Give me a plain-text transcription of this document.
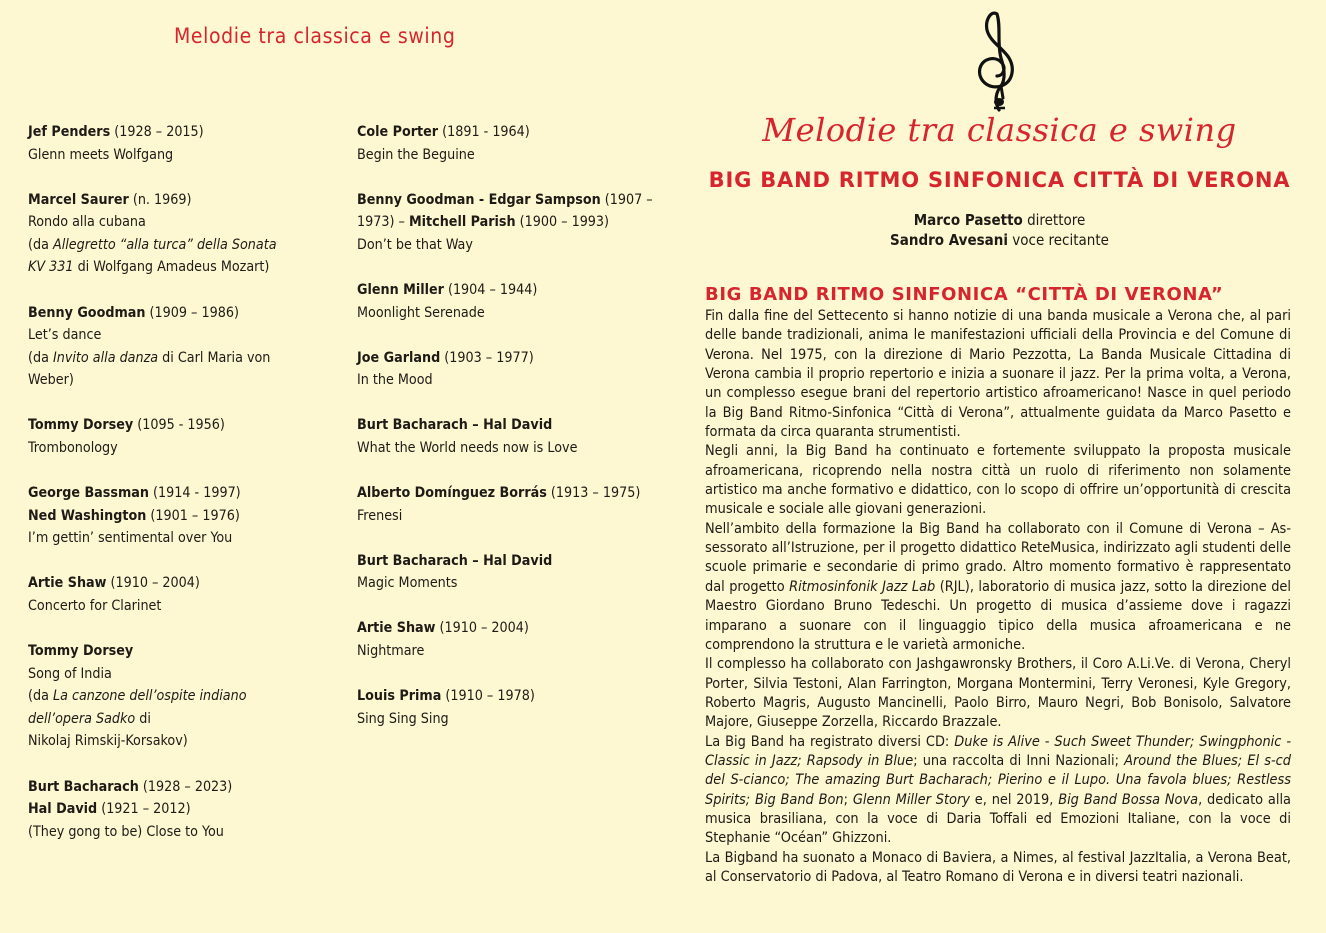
Melodie tra classica e swing
Jef Penders (1928 – 2015)
Glenn meets Wolfgang
Marcel Saurer (n. 1969)
Rondo alla cubana
(da Allegretto “alla turca” della Sonata
KV 331 di Wolfgang Amadeus Mozart)
Benny Goodman (1909 – 1986)
Let’s dance
(da Invito alla danza di Carl Maria von
Weber)
Tommy Dorsey (1095 - 1956)
Trombonology
George Bassman (1914 - 1997)
Ned Washington (1901 – 1976)
I’m gettin’ sentimental over You
Artie Shaw (1910 – 2004)
Concerto for Clarinet
Tommy Dorsey
Song of India
(da La canzone dell’ospite indiano
dell’opera Sadko di
Nikolaj Rimskij-Korsakov)
Burt Bacharach (1928 – 2023)
Hal David (1921 – 2012)
(They gong to be) Close to You
Cole Porter (1891 - 1964)
Begin the Beguine
Benny Goodman - Edgar Sampson (1907 –
1973) – Mitchell Parish (1900 – 1993)
Don’t be that Way
Glenn Miller (1904 – 1944)
Moonlight Serenade
Joe Garland (1903 – 1977)
In the Mood
Burt Bacharach – Hal David
What the World needs now is Love
Alberto Domínguez Borrás (1913 – 1975)
Frenesi
Burt Bacharach – Hal David
Magic Moments
Artie Shaw (1910 – 2004)
Nightmare
Louis Prima (1910 – 1978)
Sing Sing Sing
Melodie tra classica e swing
BIG BAND RITMO SINFONICA CITTÀ DI VERONA
Marco Pasetto direttore
Sandro Avesani voce recitante
BIG BAND RITMO SINFONICA “CITTÀ DI VERONA”

Fin dalla fine del Settecento si hanno notizie di una banda musicale a Verona che, al pari delle bande tradizionali, anima le manifestazioni ufficiali della Provincia e del Comune di Verona. Nel 1975, con la direzione di Mario Pezzotta, La Banda Musicale Cittadina di Verona cambia il proprio repertorio e inizia a suonare il jazz. Per la prima volta, a Verona, un complesso esegue brani del repertorio artistico afroamericano! Nasce in quel periodo la Big Band Ritmo-Sinfonica “Città di Verona”, attualmente guidata da Marco Pasetto e formata da circa quaranta strumentisti.

Negli anni, la Big Band ha continuato e fortemente sviluppato la proposta musicale afroamericana, ricoprendo nella nostra città un ruolo di riferimento non solamente artistico ma anche formativo e didattico, con lo scopo di offrire un’opportunità di crescita musicale e sociale alle giovani generazioni.

Nell’ambito della formazione la Big Band ha collaborato con il Comune di Verona – Assessorato all’Istruzione, per il progetto didattico ReteMusica, indirizzato agli studenti delle scuole primarie e secondarie di primo grado. Altro momento formativo è rappresentato dal progetto Ritmosinfonik Jazz Lab (RJL), laboratorio di musica jazz, sotto la direzione del Maestro Giordano Bruno Tedeschi. Un progetto di musica d’assieme dove i ragazzi imparano a suonare con il linguaggio tipico della musica afroamericana e ne comprendono la struttura e le varietà armoniche.

Il complesso ha collaborato con Jashgawronsky Brothers, il Coro A.Li.Ve. di Verona, Cheryl Porter, Silvia Testoni, Alan Farrington, Morgana Montermini, Terry Veronesi, Kyle Gregory, Roberto Magris, Augusto Mancinelli, Paolo Birro, Mauro Negri, Bob Bonisolo, Salvatore Majore, Giuseppe Zorzella, Riccardo Brazzale.

La Big Band ha registrato diversi CD: Duke is Alive - Such Sweet Thunder; Swingphonic - Classic in Jazz; Rapsody in Blue; una raccolta di Inni Nazionali; Around the Blues; El s-cd del S-cianco; The amazing Burt Bacharach; Pierino e il Lupo. Una favola blues; Restless Spirits; Big Band Bon; Glenn Miller Story e, nel 2019, Big Band Bossa Nova, dedicato alla musica brasiliana, con la voce di Daria Toffali ed Emozioni Italiane, con la voce di Stephanie “Océan” Ghizzoni.

La Bigband ha suonato a Monaco di Baviera, a Nimes, al festival JazzItalia, a Verona Beat, al Conservatorio di Padova, al Teatro Romano di Verona e in diversi teatri nazionali.
